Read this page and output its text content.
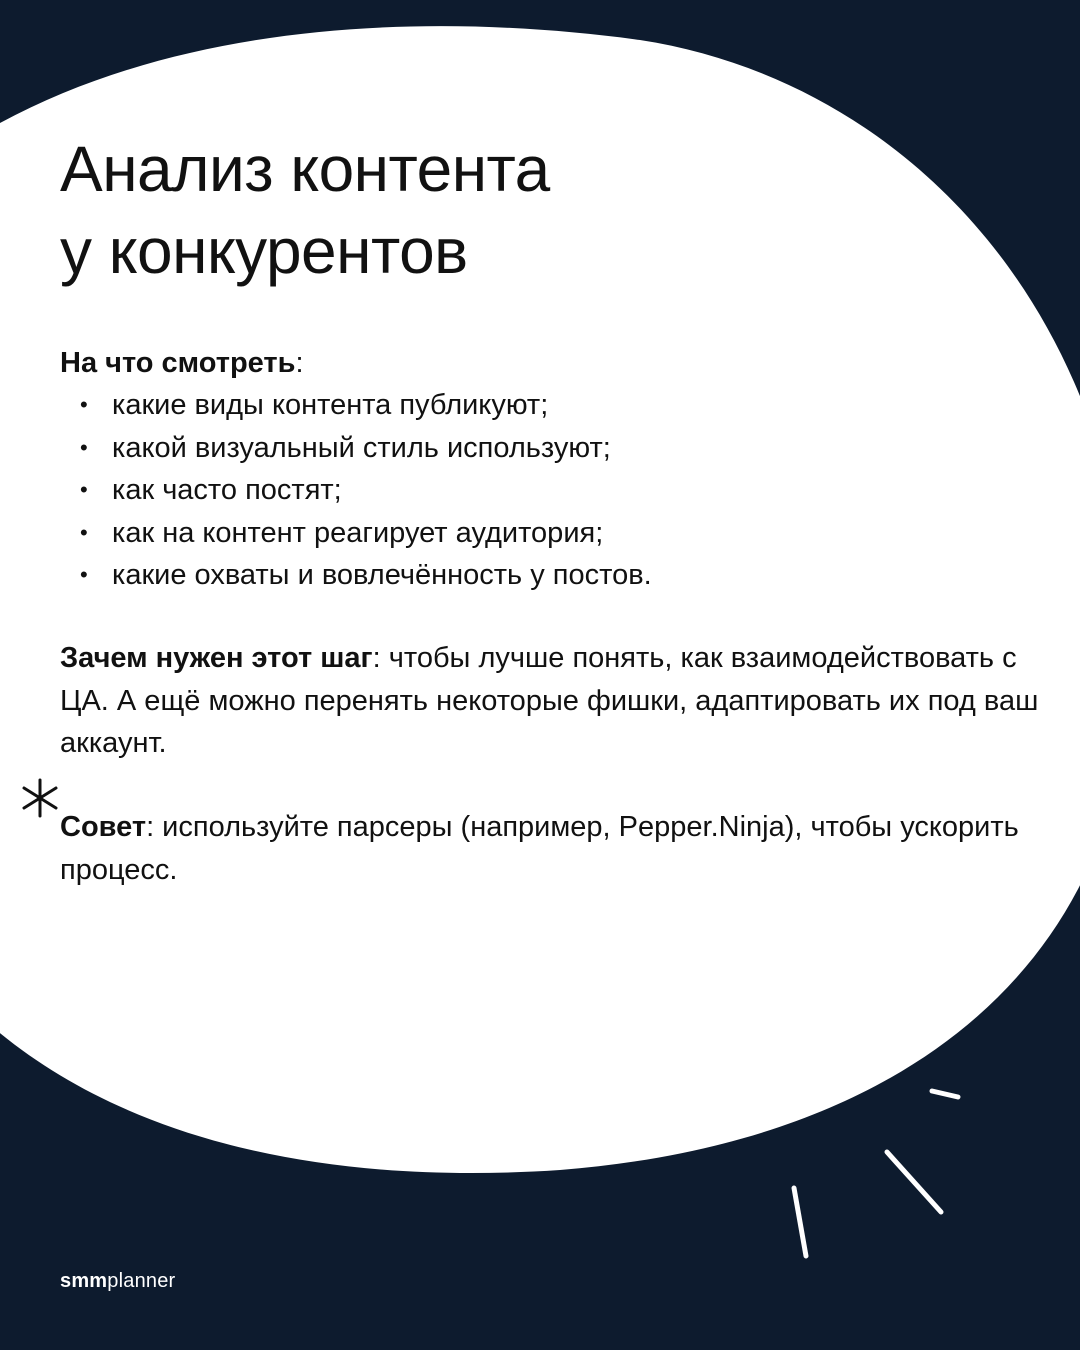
Анализ контента
у конкурентов
На что смотреть:
• какие виды контента публикуют;
• какой визуальный стиль используют;
• как часто постят;
• как на контент реагирует аудитория;
• какие охваты и вовлечённость у постов.

Зачем нужен этот шаг: чтобы лучше понять, как взаимодействовать с ЦА. А ещё можно перенять некоторые фишки, адаптировать их под ваш аккаунт.

Совет: используйте парсеры (например, Pepper.Ninja), чтобы ускорить процесс.

smmplanner
